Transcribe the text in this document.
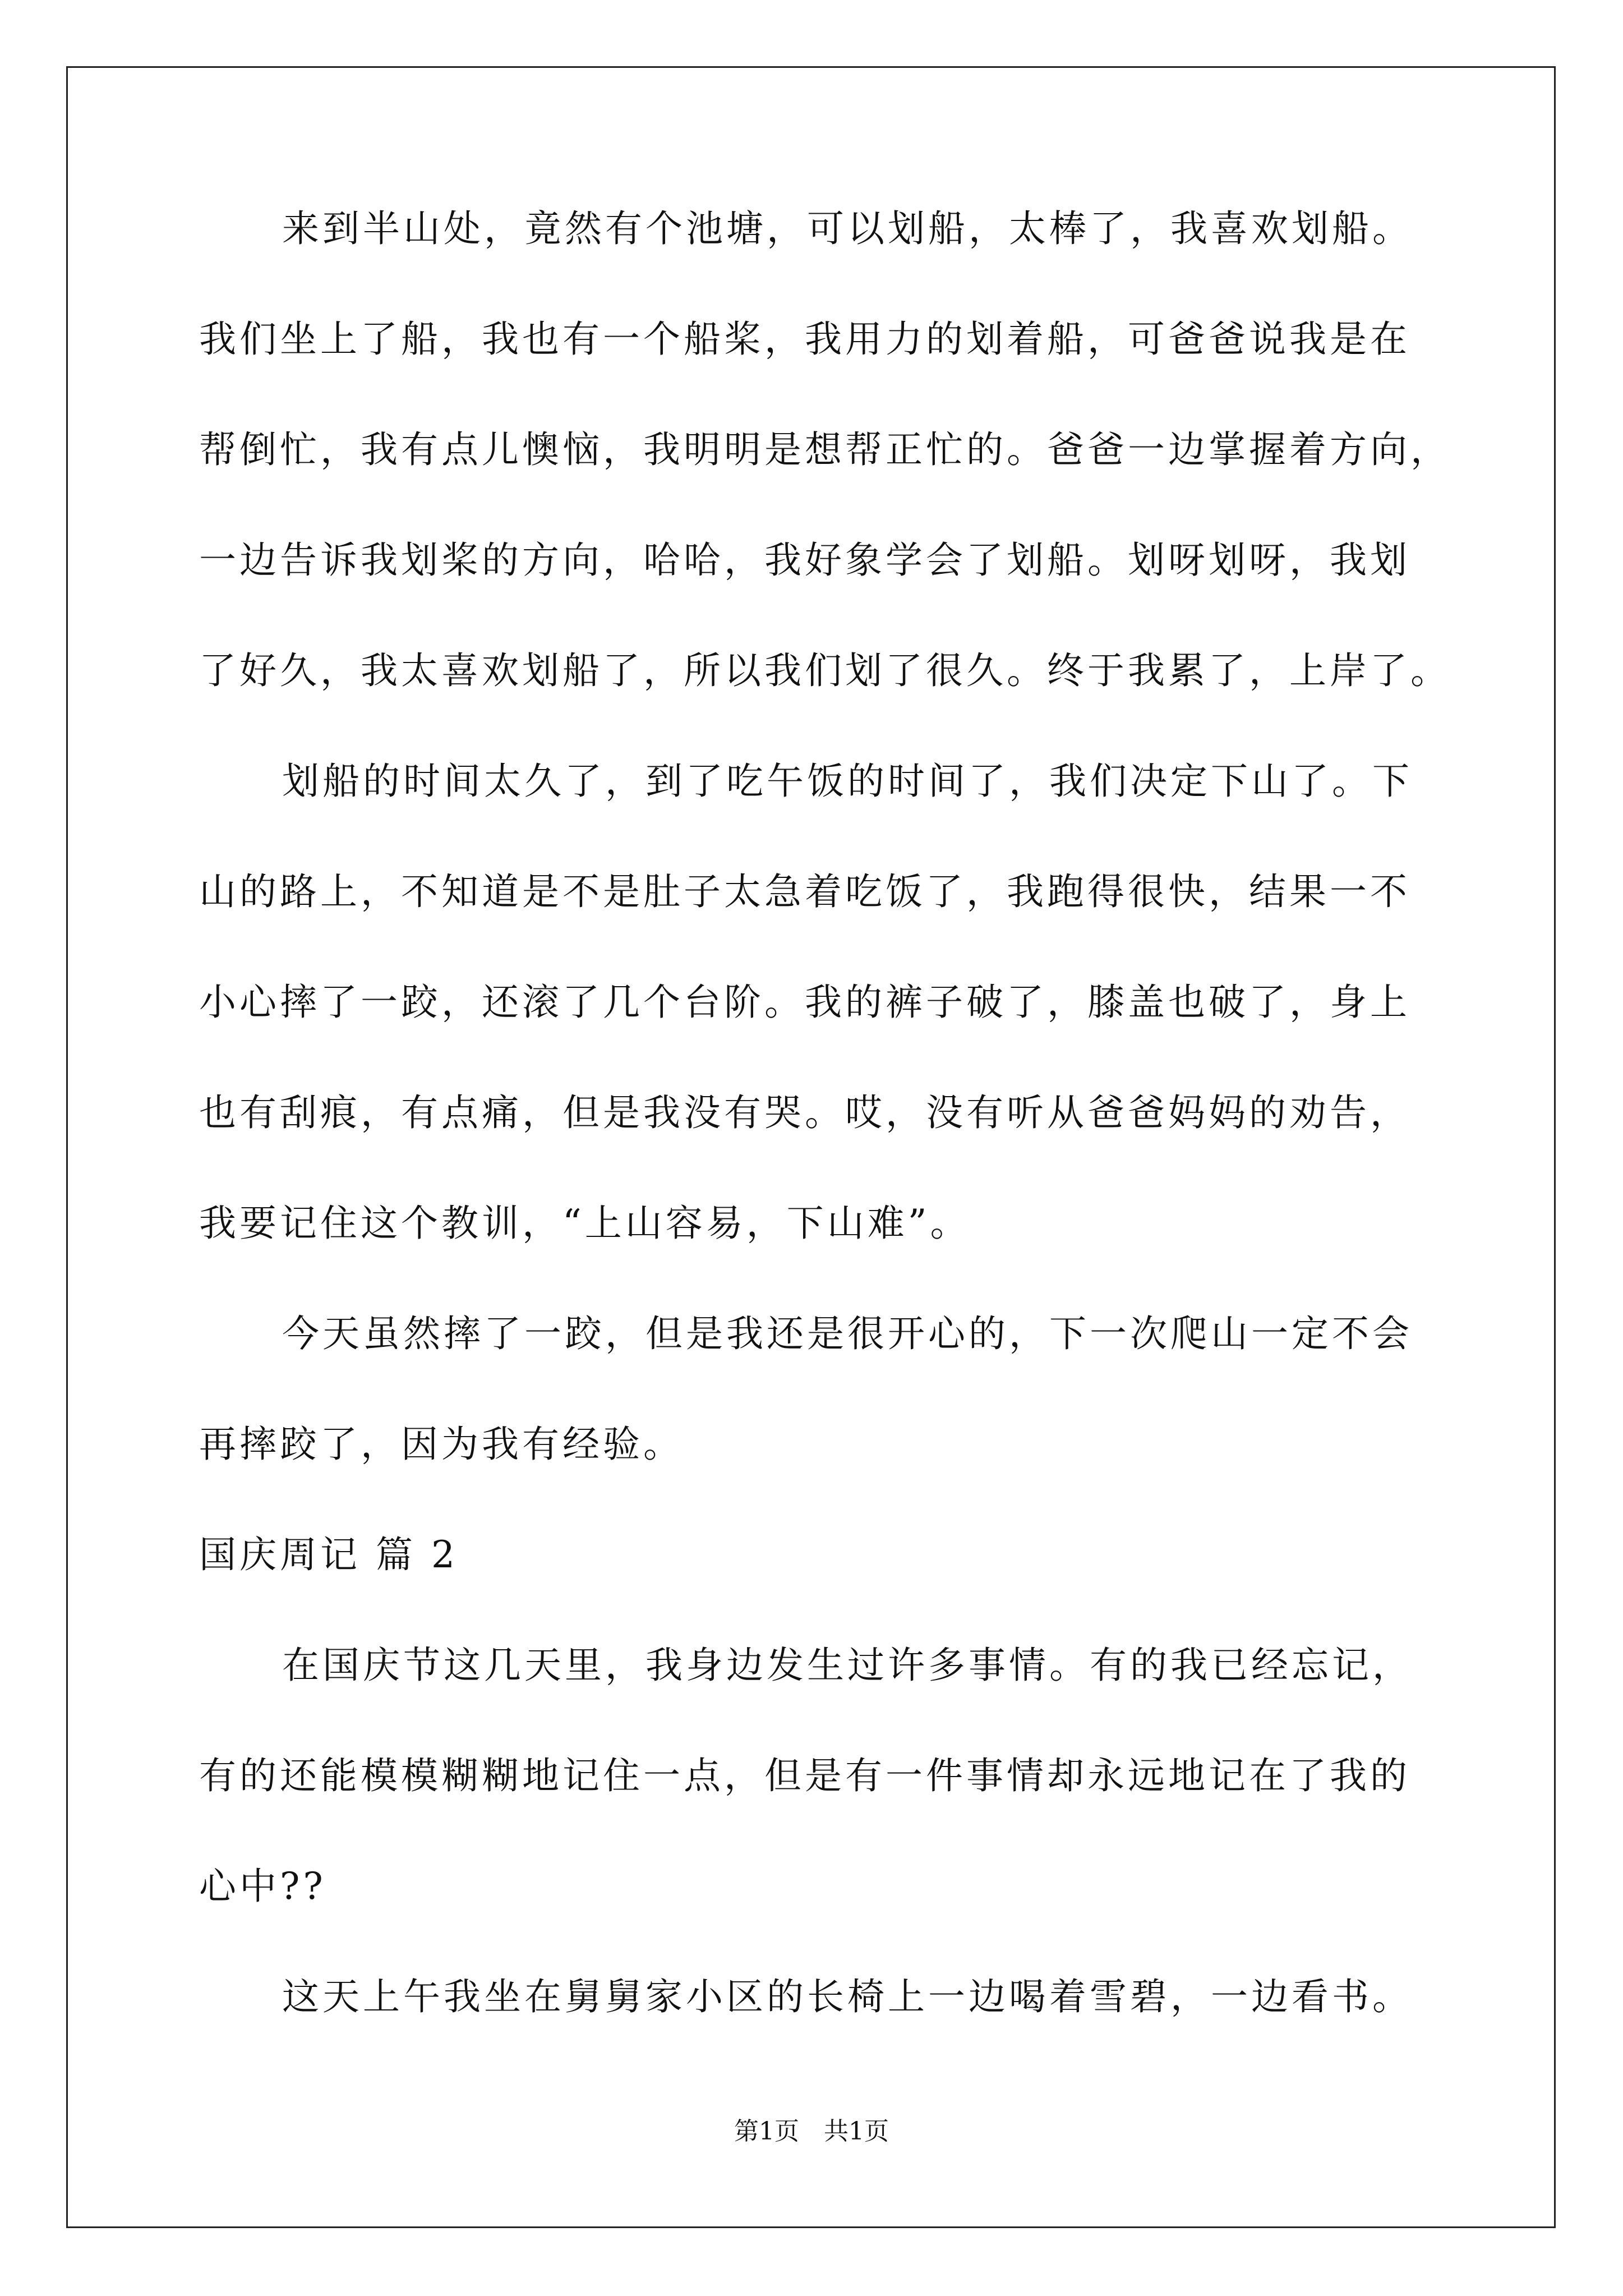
来到半山处，竟然有个池塘，可以划船，太棒了，我喜欢划船。
我们坐上了船，我也有一个船桨，我用力的划着船，可爸爸说我是在
帮倒忙，我有点儿懊恼，我明明是想帮正忙的。爸爸一边掌握着方向，
一边告诉我划桨的方向，哈哈，我好象学会了划船。划呀划呀，我划
了好久，我太喜欢划船了，所以我们划了很久。终于我累了，上岸了。
划船的时间太久了，到了吃午饭的时间了，我们决定下山了。下
山的路上，不知道是不是肚子太急着吃饭了，我跑得很快，结果一不
小心摔了一跤，还滚了几个台阶。我的裤子破了，膝盖也破了，身上
也有刮痕，有点痛，但是我没有哭。哎，没有听从爸爸妈妈的劝告，
我要记住这个教训，“上山容易，下山难”。
今天虽然摔了一跤，但是我还是很开心的，下一次爬山一定不会
再摔跤了，因为我有经验。
国庆周记 篇 2
在国庆节这几天里，我身边发生过许多事情。有的我已经忘记，
有的还能模模糊糊地记住一点，但是有一件事情却永远地记在了我的
心中??
这天上午我坐在舅舅家小区的长椅上一边喝着雪碧，一边看书。
第1页 共1页
